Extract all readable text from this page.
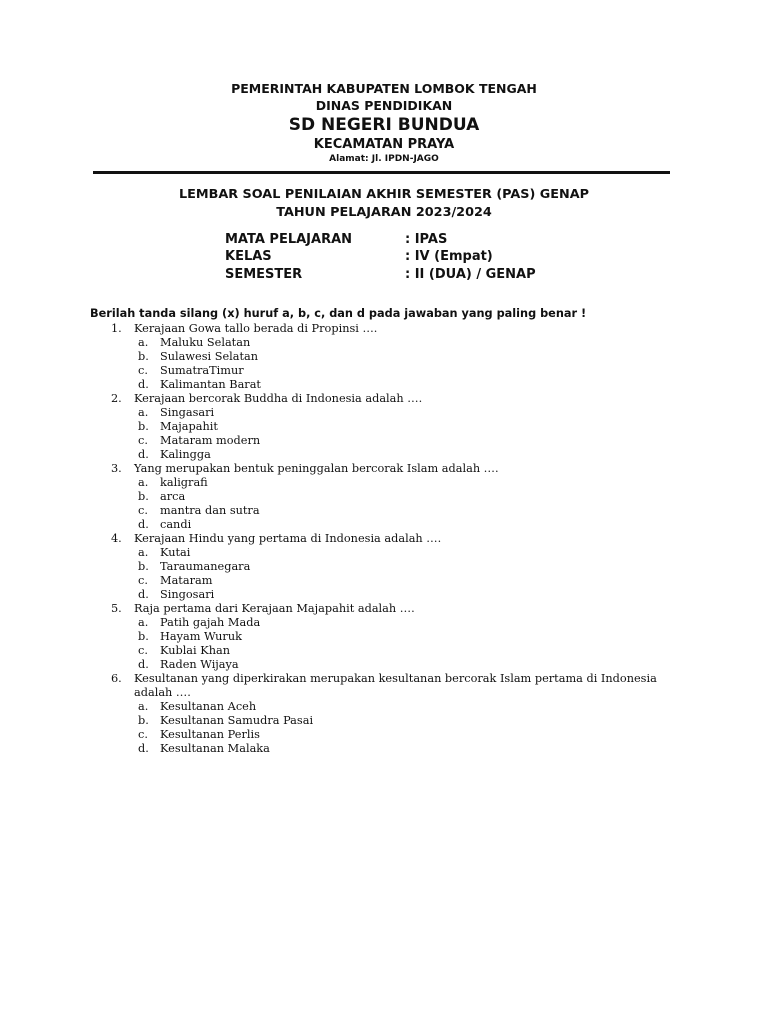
PEMERINTAH KABUPATEN LOMBOK TENGAH
DINAS PENDIDIKAN
SD NEGERI BUNDUA
KECAMATAN PRAYA
Alamat: Jl. IPDN-JAGO
LEMBAR SOAL PENILAIAN AKHIR SEMESTER (PAS) GENAP
TAHUN PELAJARAN 2023/2024
MATA PELAJARAN	: IPAS
KELAS	: IV (Empat)
SEMESTER	: II (DUA) / GENAP
Berilah tanda silang (x) huruf a, b, c, dan d pada jawaban yang paling benar !
1.	Kerajaan Gowa tallo berada di Propinsi ….
a. Maluku Selatan
b. Sulawesi Selatan
c. SumatraTimur
d. Kalimantan Barat
2.	Kerajaan bercorak Buddha di Indonesia adalah ….
a. Singasari
b. Majapahit
c. Mataram modern
d. Kalingga
3.	Yang merupakan bentuk peninggalan bercorak Islam adalah ….
a. kaligrafi
b. arca
c. mantra dan sutra
d. candi
4.	Kerajaan Hindu yang pertama di Indonesia adalah ….
a. Kutai
b. Taraumanegara
c. Mataram
d. Singosari
5.	Raja pertama dari Kerajaan Majapahit adalah ….
a. Patih gajah Mada
b. Hayam Wuruk
c. Kublai Khan
d. Raden Wijaya
6.	Kesultanan yang diperkirakan merupakan kesultanan bercorak Islam pertama di Indonesia adalah ….
a. Kesultanan Aceh
b. Kesultanan Samudra Pasai
c. Kesultanan Perlis
d. Kesultanan Malaka
